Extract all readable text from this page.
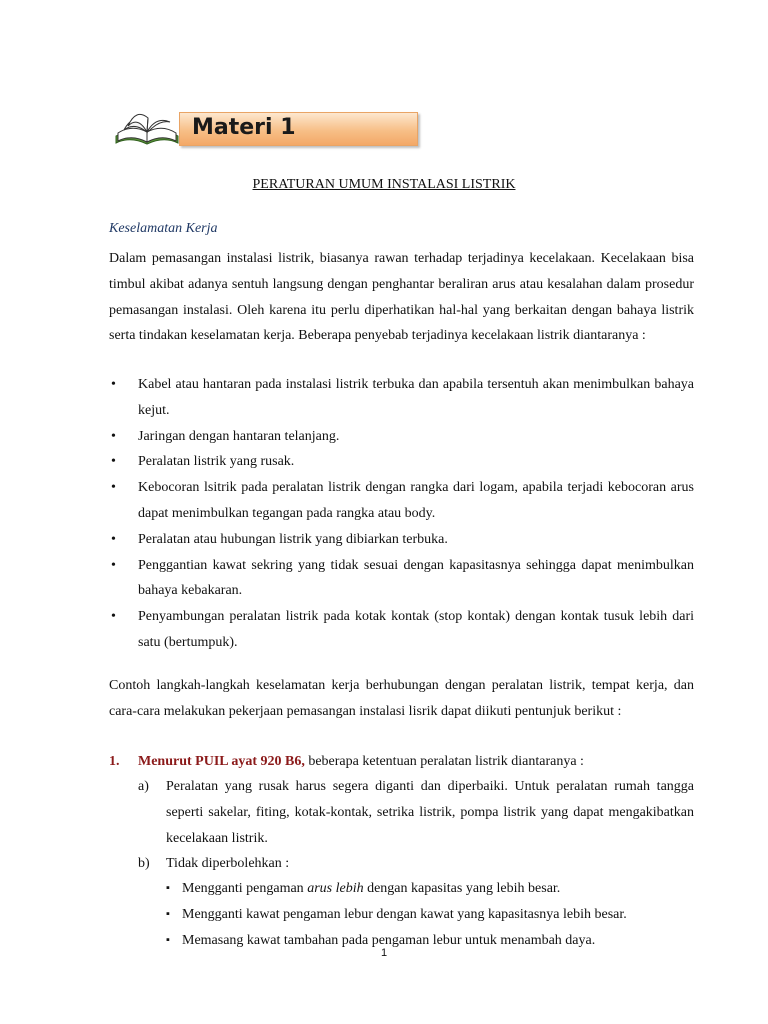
Materi 1
PERATURAN UMUM INSTALASI LISTRIK
Keselamatan Kerja
Dalam pemasangan instalasi listrik, biasanya rawan terhadap terjadinya kecelakaan. Kecelakaan bisa timbul akibat adanya sentuh langsung dengan penghantar beraliran arus atau kesalahan dalam prosedur pemasangan instalasi. Oleh karena itu perlu diperhatikan hal-hal yang berkaitan dengan bahaya listrik serta tindakan keselamatan kerja. Beberapa penyebab terjadinya kecelakaan listrik diantaranya :
• Kabel atau hantaran pada instalasi listrik terbuka dan apabila tersentuh akan menimbulkan bahaya kejut.
• Jaringan dengan hantaran telanjang.
• Peralatan listrik yang rusak.
• Kebocoran lsitrik pada peralatan listrik dengan rangka dari logam, apabila terjadi kebocoran arus dapat menimbulkan tegangan pada rangka atau body.
• Peralatan atau hubungan listrik yang dibiarkan terbuka.
• Penggantian kawat sekring yang tidak sesuai dengan kapasitasnya sehingga dapat menimbulkan bahaya kebakaran.
• Penyambungan peralatan listrik pada kotak kontak (stop kontak) dengan kontak tusuk lebih dari satu (bertumpuk).
Contoh langkah-langkah keselamatan kerja berhubungan dengan peralatan listrik, tempat kerja, dan cara-cara melakukan pekerjaan pemasangan instalasi lisrik dapat diikuti pentunjuk berikut :
1. Menurut PUIL ayat 920 B6, beberapa ketentuan peralatan listrik diantaranya :
a) Peralatan yang rusak harus segera diganti dan diperbaiki. Untuk peralatan rumah tangga seperti sakelar, fiting, kotak-kontak, setrika listrik, pompa listrik yang dapat mengakibatkan kecelakaan listrik.
b) Tidak diperbolehkan :
▪ Mengganti pengaman arus lebih dengan kapasitas yang lebih besar.
▪ Mengganti kawat pengaman lebur dengan kawat yang kapasitasnya lebih besar.
▪ Memasang kawat tambahan pada pengaman lebur untuk menambah daya.
1
